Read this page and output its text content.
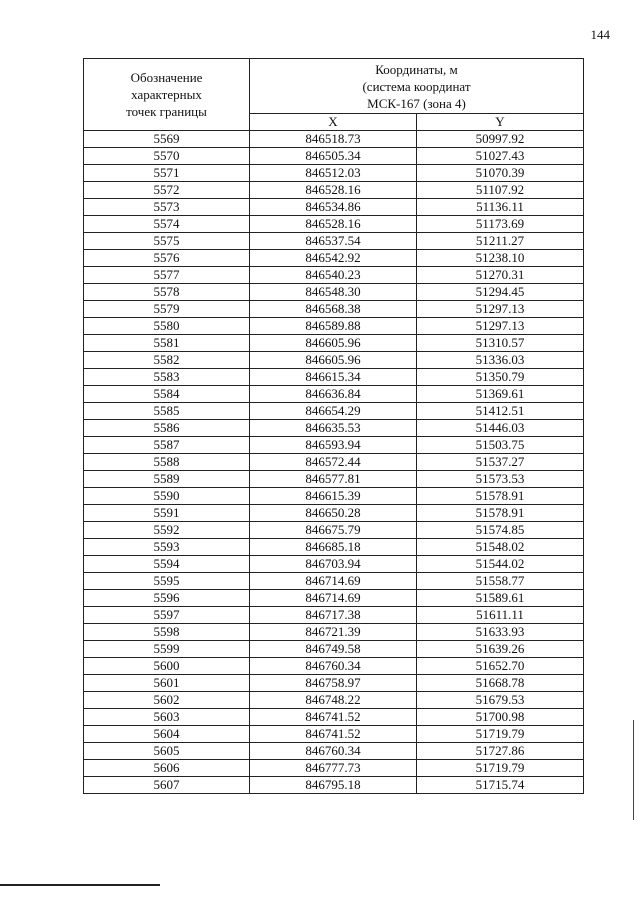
144
Обозначение
характерных
точек границы	Координаты, м
(система координат
МСК-167 (зона 4)	
	X	Y
5569	846518.73	50997.92
5570	846505.34	51027.43
5571	846512.03	51070.39
5572	846528.16	51107.92
5573	846534.86	51136.11
5574	846528.16	51173.69
5575	846537.54	51211.27
5576	846542.92	51238.10
5577	846540.23	51270.31
5578	846548.30	51294.45
5579	846568.38	51297.13
5580	846589.88	51297.13
5581	846605.96	51310.57
5582	846605.96	51336.03
5583	846615.34	51350.79
5584	846636.84	51369.61
5585	846654.29	51412.51
5586	846635.53	51446.03
5587	846593.94	51503.75
5588	846572.44	51537.27
5589	846577.81	51573.53
5590	846615.39	51578.91
5591	846650.28	51578.91
5592	846675.79	51574.85
5593	846685.18	51548.02
5594	846703.94	51544.02
5595	846714.69	51558.77
5596	846714.69	51589.61
5597	846717.38	51611.11
5598	846721.39	51633.93
5599	846749.58	51639.26
5600	846760.34	51652.70
5601	846758.97	51668.78
5602	846748.22	51679.53
5603	846741.52	51700.98
5604	846741.52	51719.79
5605	846760.34	51727.86
5606	846777.73	51719.79
5607	846795.18	51715.74
